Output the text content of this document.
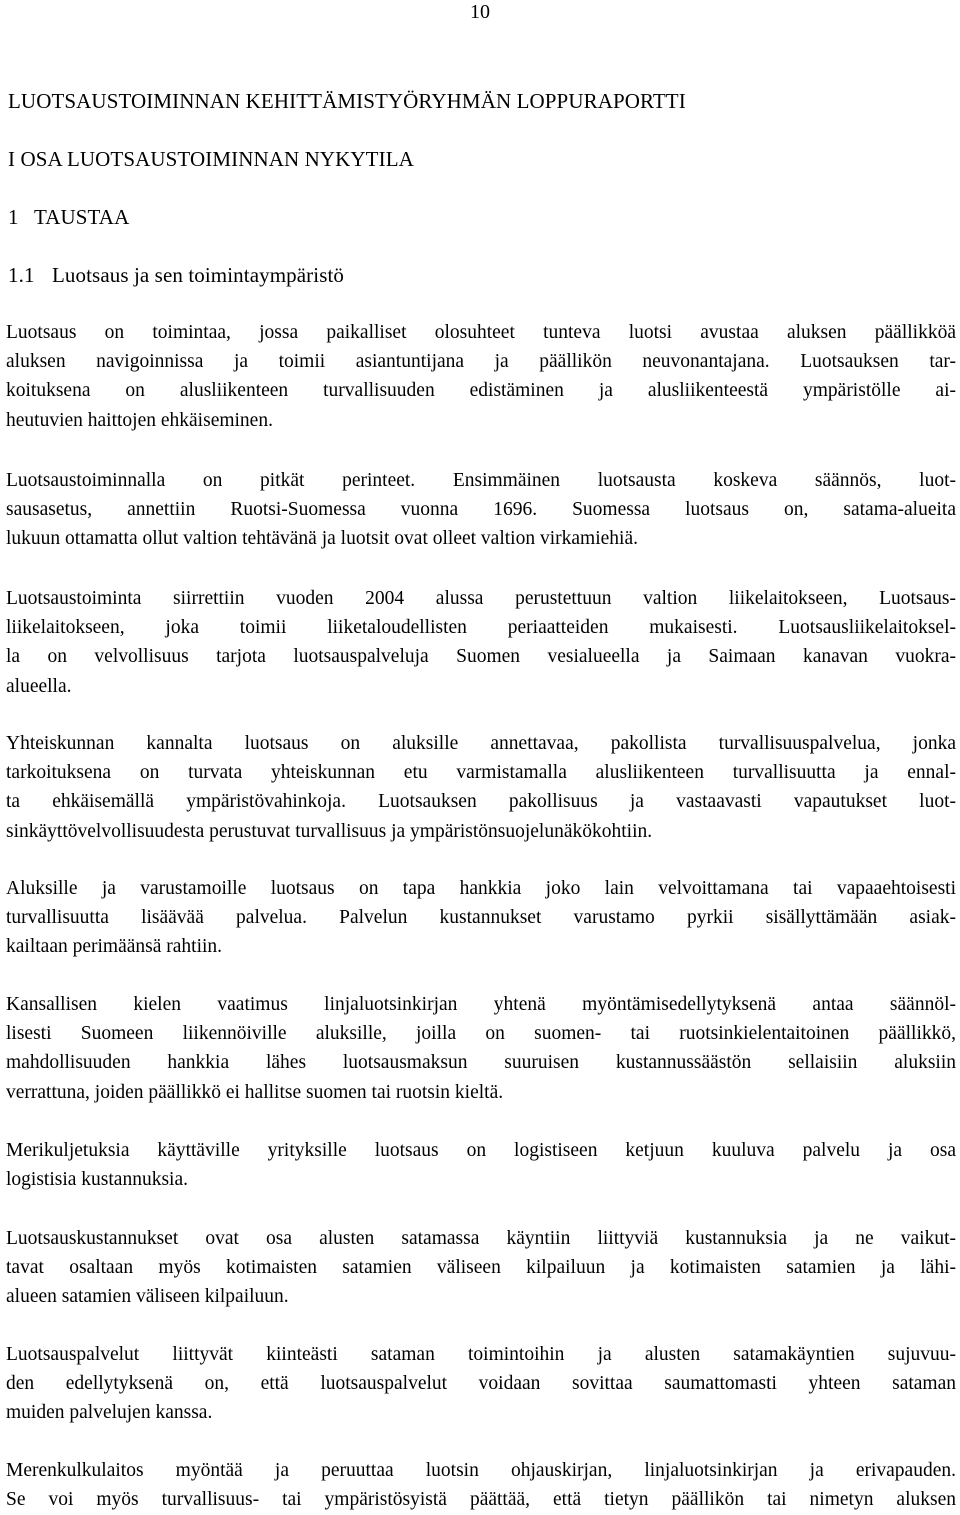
10
LUOTSAUSTOIMINNAN KEHITTÄMISTYÖRYHMÄN LOPPURAPORTTI
I OSA LUOTSAUSTOIMINNAN NYKYTILA
1 TAUSTAA
1.1 Luotsaus ja sen toimintaympäristö
Luotsaus on toimintaa, jossa paikalliset olosuhteet tunteva luotsi avustaa aluksen päällikköä
aluksen navigoinnissa ja toimii asiantuntijana ja päällikön neuvonantajana. Luotsauksen tar-
koituksena on alusliikenteen turvallisuuden edistäminen ja alusliikenteestä ympäristölle ai-
heutuvien haittojen ehkäiseminen.
Luotsaustoiminnalla on pitkät perinteet. Ensimmäinen luotsausta koskeva säännös, luot-
sausasetus, annettiin Ruotsi-Suomessa vuonna 1696. Suomessa luotsaus on, satama-alueita
lukuun ottamatta ollut valtion tehtävänä ja luotsit ovat olleet valtion virkamiehiä.
Luotsaustoiminta siirrettiin vuoden 2004 alussa perustettuun valtion liikelaitokseen, Luotsaus-
liikelaitokseen, joka toimii liiketaloudellisten periaatteiden mukaisesti. Luotsausliikelaitoksel-
la on velvollisuus tarjota luotsauspalveluja Suomen vesialueella ja Saimaan kanavan vuokra-
alueella.
Yhteiskunnan kannalta luotsaus on aluksille annettavaa, pakollista turvallisuuspalvelua, jonka
tarkoituksena on turvata yhteiskunnan etu varmistamalla alusliikenteen turvallisuutta ja ennal-
ta ehkäisemällä ympäristövahinkoja. Luotsauksen pakollisuus ja vastaavasti vapautukset luot-
sinkäyttövelvollisuudesta perustuvat turvallisuus ja ympäristönsuojelunäkökohtiin.
Aluksille ja varustamoille luotsaus on tapa hankkia joko lain velvoittamana tai vapaaehtoisesti
turvallisuutta lisäävää palvelua. Palvelun kustannukset varustamo pyrkii sisällyttämään asiak-
kailtaan perimäänsä rahtiin.
Kansallisen kielen vaatimus linjaluotsinkirjan yhtenä myöntämisedellytyksenä antaa säännöl-
lisesti Suomeen liikennöiville aluksille, joilla on suomen- tai ruotsinkielentaitoinen päällikkö,
mahdollisuuden hankkia lähes luotsausmaksun suuruisen kustannussäästön sellaisiin aluksiin
verrattuna, joiden päällikkö ei hallitse suomen tai ruotsin kieltä.
Merikuljetuksia käyttäville yrityksille luotsaus on logistiseen ketjuun kuuluva palvelu ja osa
logistisia kustannuksia.
Luotsauskustannukset ovat osa alusten satamassa käyntiin liittyviä kustannuksia ja ne vaikut-
tavat osaltaan myös kotimaisten satamien väliseen kilpailuun ja kotimaisten satamien ja lähi-
alueen satamien väliseen kilpailuun.
Luotsauspalvelut liittyvät kiinteästi sataman toimintoihin ja alusten satamakäyntien sujuvuu-
den edellytyksenä on, että luotsauspalvelut voidaan sovittaa saumattomasti yhteen sataman
muiden palvelujen kanssa.
Merenkulkulaitos myöntää ja peruuttaa luotsin ohjauskirjan, linjaluotsinkirjan ja erivapauden.
Se voi myös turvallisuus- tai ympäristösyistä päättää, että tietyn päällikön tai nimetyn aluksen
